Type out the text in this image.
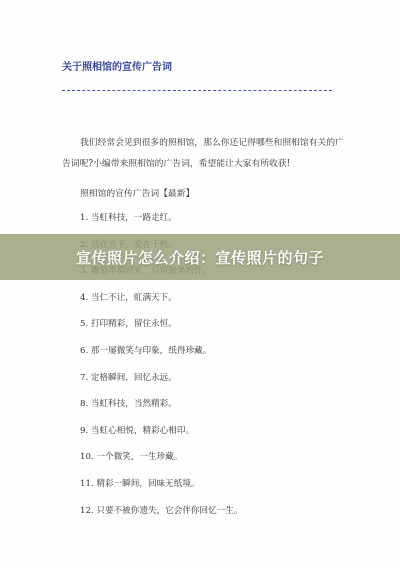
关于照相馆的宣传广告词
我们经常会见到很多的照相馆，那么你还记得哪些和照相馆有关的广告词呢?小编带来照相馆的广告词，希望能让大家有所收获!
照相馆的宣传广告词【最新】
1. 当虹科技，一路走红。
4. 当仁不让，虹满天下。
5. 打印精彩，留住永恒。
6. 那一屡微笑与印象，纸得珍藏。
7. 定格瞬间，回忆永远。
8. 当虹科技，当然精彩。
9. 当虹心相悦，精彩心相印。
10. 一个微笑，一生珍藏。
11. 精彩一瞬间，回味无纸境。
12. 只要不被你遗失，它会伴你回忆一生。
宣传照片怎么介绍：宣传照片的句子
